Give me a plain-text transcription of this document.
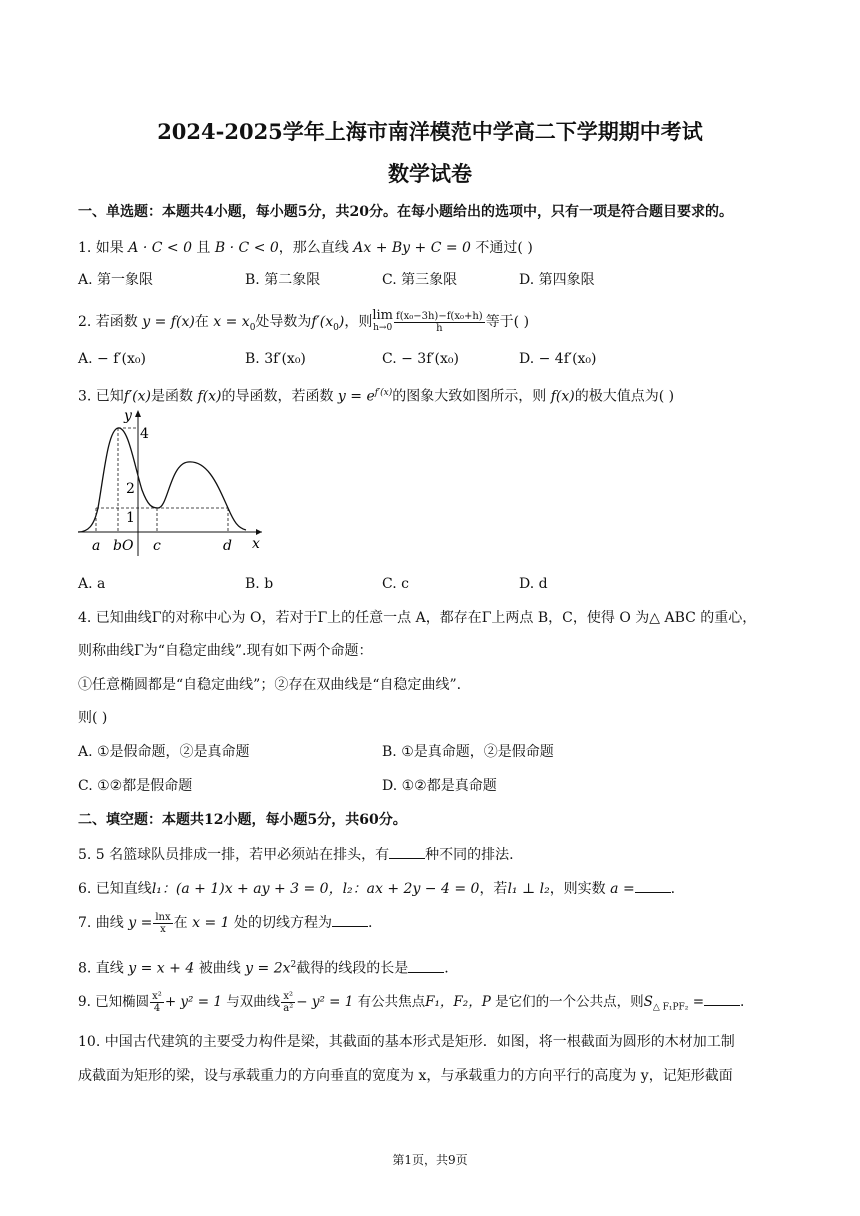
2024-2025学年上海市南洋模范中学高二下学期期中考试
数学试卷
一、单选题：本题共4小题，每小题5分，共20分。在每小题给出的选项中，只有一项是符合题目要求的。
1. 如果 A · C < 0 且 B · C < 0，那么直线 Ax + By + C = 0 不通过( )
A. 第一象限	B. 第二象限	C. 第三象限	D. 第四象限
2. 若函数 y = f(x)在 $x = x_0$处导数为$f'(x_0)$，则lim
$h\to 0 \frac{\text{f(x₀−3h)−f(x₀+h)}}{h}$ 等于( )
A. − f′(x₀)	B. 3f′(x₀)	C. − 3f′(x₀)	D. − 4f′(x₀)
3. 已知f′(x)是函数 f(x)的导函数，若函数 $y = e^{f'(x)}$的图象大致如图所示，则 f(x)的极大值点为( )
y
x
4
2
1
a bO c	d
A. a	B. b	C. c	D. d
4. 已知曲线Γ的对称中心为 O，若对于Γ上的任意一点 A，都存在Γ上两点 B，C，使得 O 为△ ABC 的重心，
则称曲线Γ为“自稳定曲线”.现有如下两个命题：
①任意椭圆都是“自稳定曲线”；②存在双曲线是“自稳定曲线”.
则( )
A. ①是假命题，②是真命题	B. ①是真命题，②是假命题
C. ①②都是假命题	D. ①②都是真命题
二、填空题：本题共12小题，每小题5分，共60分。
5. 5 名篮球队员排成一排，若甲必须站在排头，有	种不同的排法.
6. 已知直线l₁：(a + 1)x + ay + 3 = 0，l₂：ax + 2y − 4 = 0，若l₁ ⊥ l₂，则实数 a =	.
7. 曲线 $y = \frac{\ln x}{x}$ 在 x = 1 处的切线方程为	.
8. 直线 y = x + 4 被曲线 $y = 2x^2$截得的线段的长是	.
9. 已知椭圆 $\frac{\text{x²}}{4} + y^2 = 1$ 与双曲线 $\frac{\text{x²}}{\text{a²}} - y^2 = 1$ 有公共焦点F₁，F₂，P 是它们的一个公共点，则$S_{\triangle F_1PF_2}$ =	.
10. 中国古代建筑的主要受力构件是梁，其截面的基本形式是矩形．如图，将一根截面为圆形的木材加工制
成截面为矩形的梁，设与承载重力的方向垂直的宽度为 x，与承载重力的方向平行的高度为 y，记矩形截面
第1页，共9页
